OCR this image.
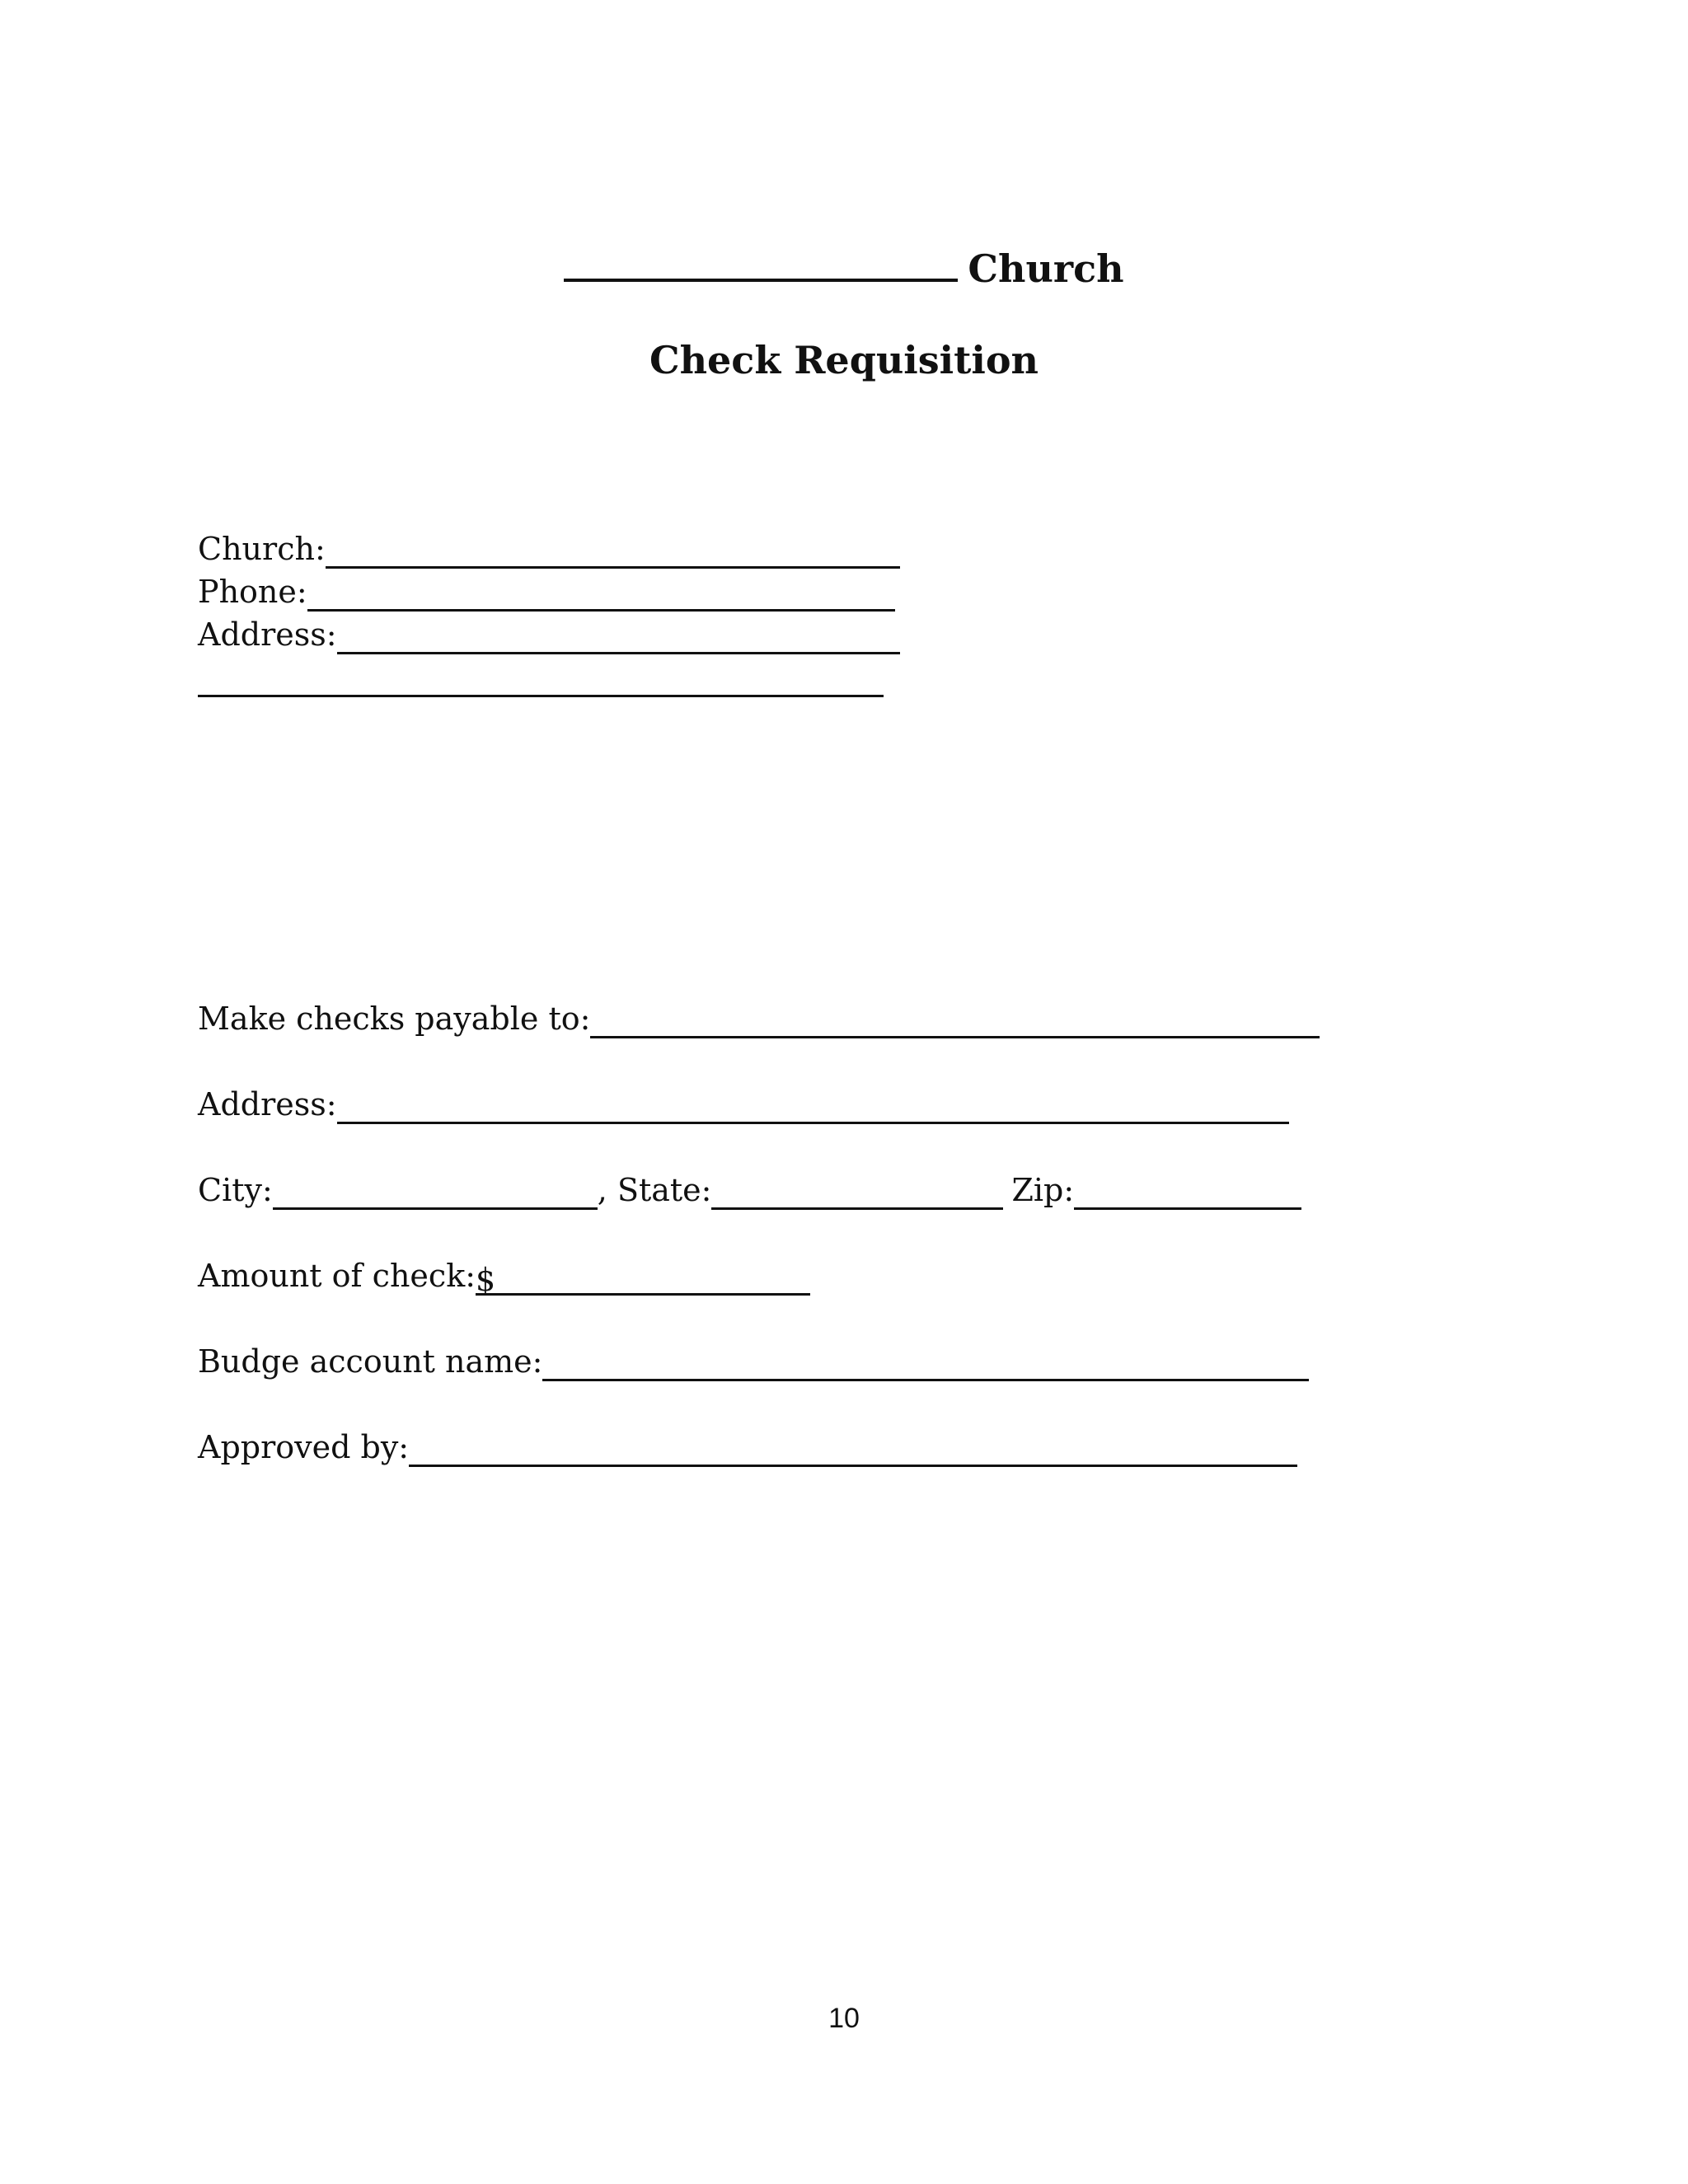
Church
Check Requisition
Church:
Phone:
Address:
Make checks payable to:
Address:
City:	, State:	Zip:
Amount of check: $
Budge account name:
Approved by:
10
